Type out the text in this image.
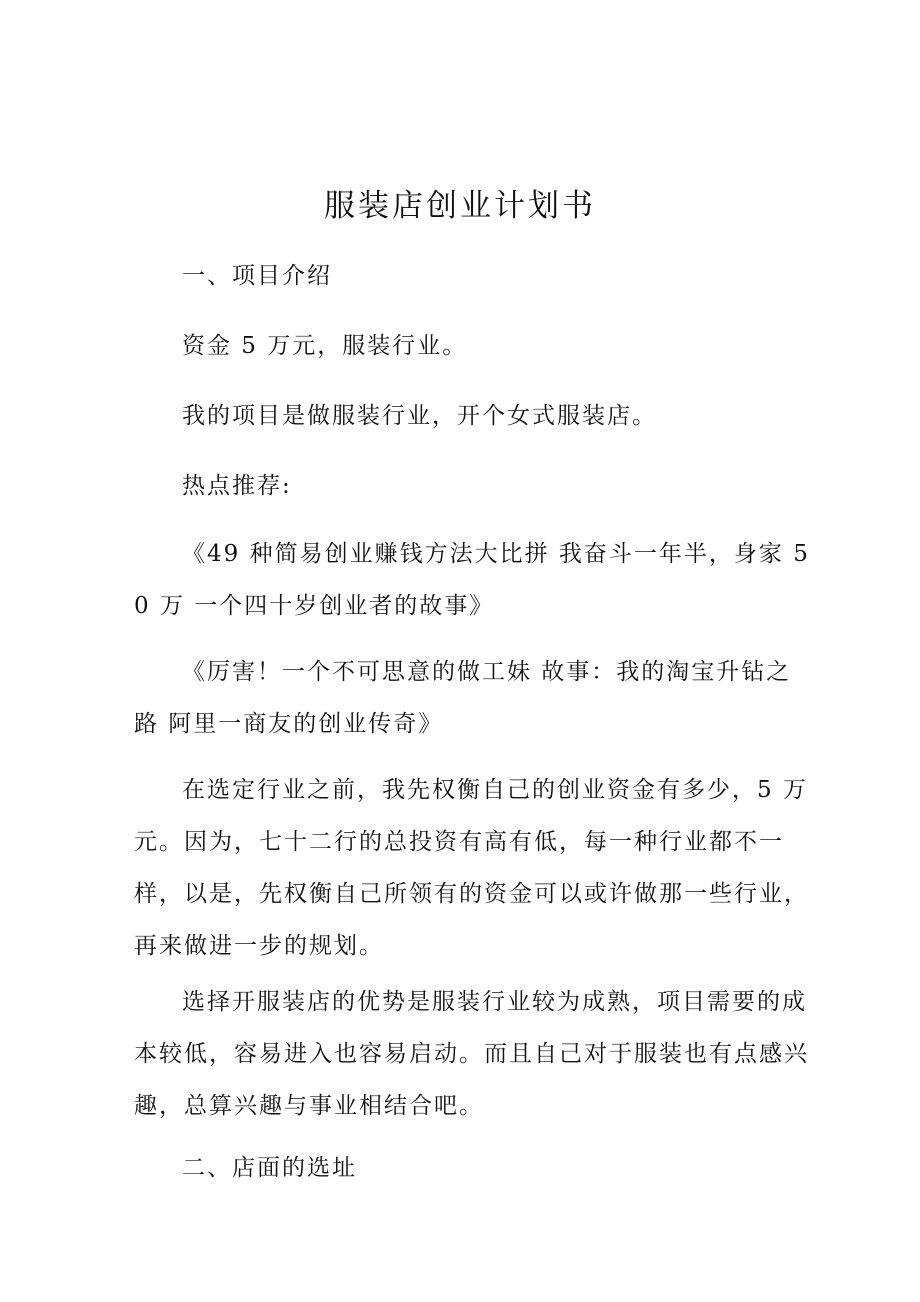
服装店创业计划书

一、项目介绍

资金 5 万元，服装行业。

我的项目是做服装行业，开个女式服装店。

热点推荐:

《49 种简易创业赚钱方法大比拼 我奋斗一年半，身家 50 万 一个四十岁创业者的故事》

《厉害！一个不可思意的做工妹 故事：我的淘宝升钻之路 阿里一商友的创业传奇》

在选定行业之前，我先权衡自己的创业资金有多少，5 万元。因为，七十二行的总投资有高有低，每一种行业都不一样，以是，先权衡自己所领有的资金可以或许做那一些行业，再来做进一步的规划。

选择开服装店的优势是服装行业较为成熟，项目需要的成本较低，容易进入也容易启动。而且自己对于服装也有点感兴趣，总算兴趣与事业相结合吧。

二、店面的选址
